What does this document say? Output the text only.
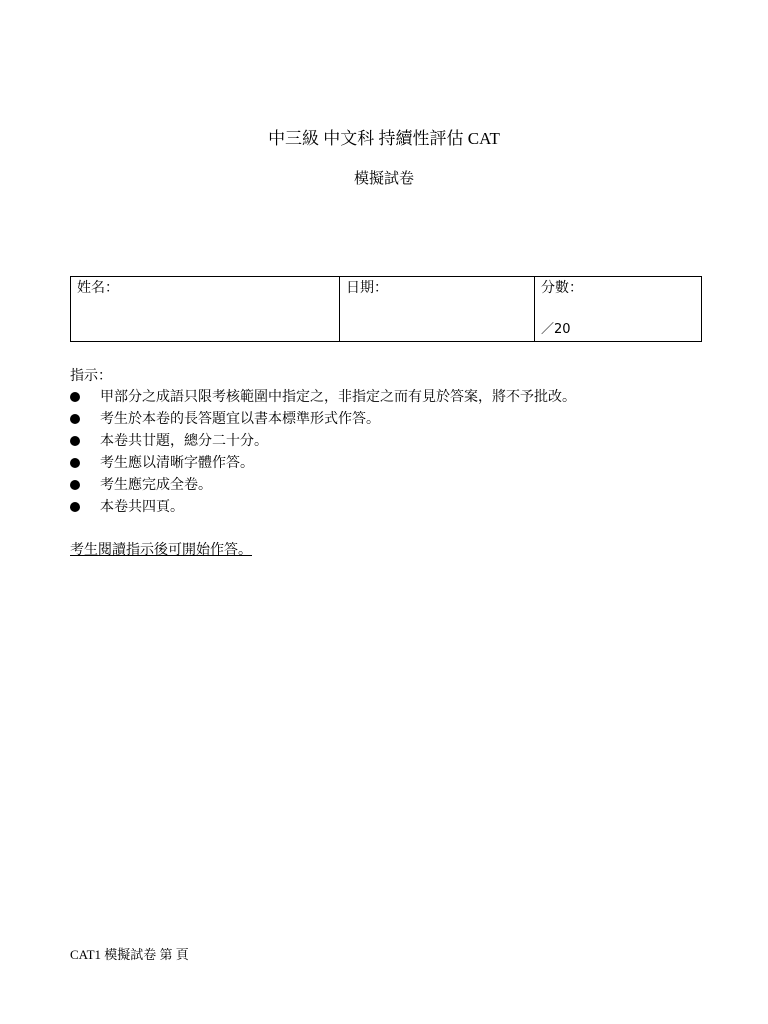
中三級 中文科 持續性評估 CAT
模擬試卷
姓名：	日期：	分數：
／20
指示：
甲部分之成語只限考核範圍中指定之，非指定之而有見於答案，將不予批改。
考生於本卷的長答題宜以書本標準形式作答。
本卷共廿題，總分二十分。
考生應以清晰字體作答。
考生應完成全卷。
本卷共四頁。
考生閱讀指示後可開始作答。
CAT1 模擬試卷 第 頁
